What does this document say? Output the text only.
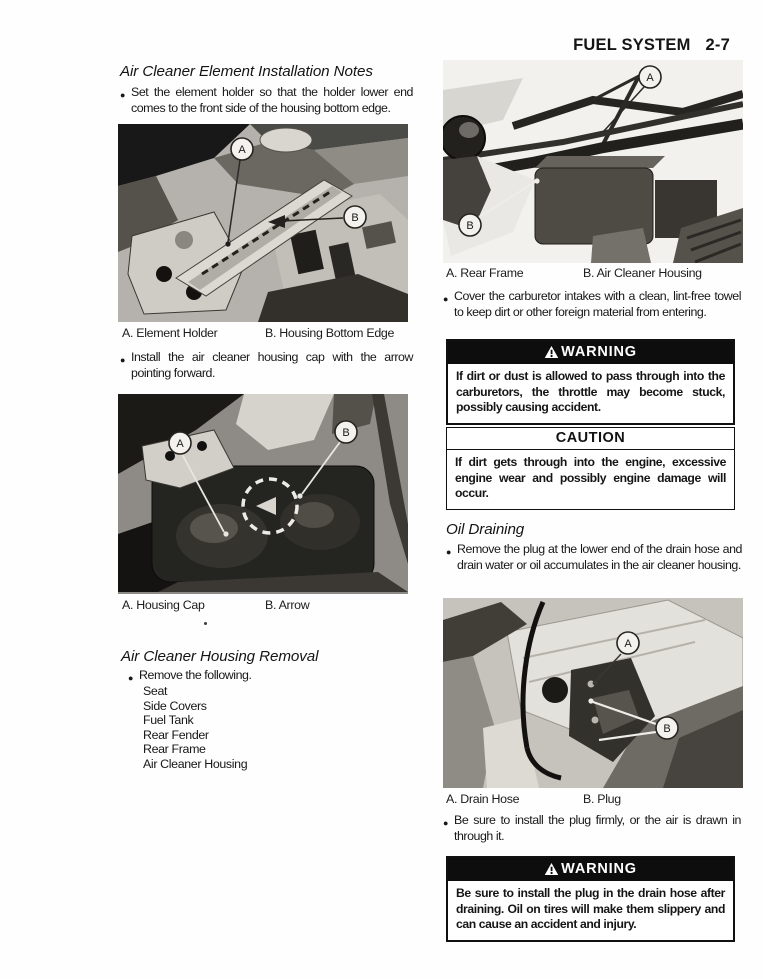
FUEL SYSTEM 2-7
Air Cleaner Element Installation Notes
● Set the element holder so that the holder lower end comes to the front side of the housing bottom edge.
A
B
A. Element Holder	B. Housing Bottom Edge
● Install the air cleaner housing cap with the arrow pointing forward.
A
B
A. Housing Cap	B. Arrow
Air Cleaner Housing Removal
● Remove the following.
Seat
Side Covers
Fuel Tank
Rear Fender
Rear Frame
Air Cleaner Housing
A
B
A. Rear Frame	B. Air Cleaner Housing
● Cover the carburetor intakes with a clean, lint-free towel to keep dirt or other foreign material from entering.
WARNING
If dirt or dust is allowed to pass through into the carburetors, the throttle may become stuck, possibly causing accident.
CAUTION
If dirt gets through into the engine, excessive engine wear and possibly engine damage will occur.
Oil Draining
● Remove the plug at the lower end of the drain hose and drain water or oil accumulates in the air cleaner housing.
A
B
A. Drain Hose	B. Plug
● Be sure to install the plug firmly, or the air is drawn in through it.
WARNING
Be sure to install the plug in the drain hose after draining. Oil on tires will make them slippery and can cause an accident and injury.
